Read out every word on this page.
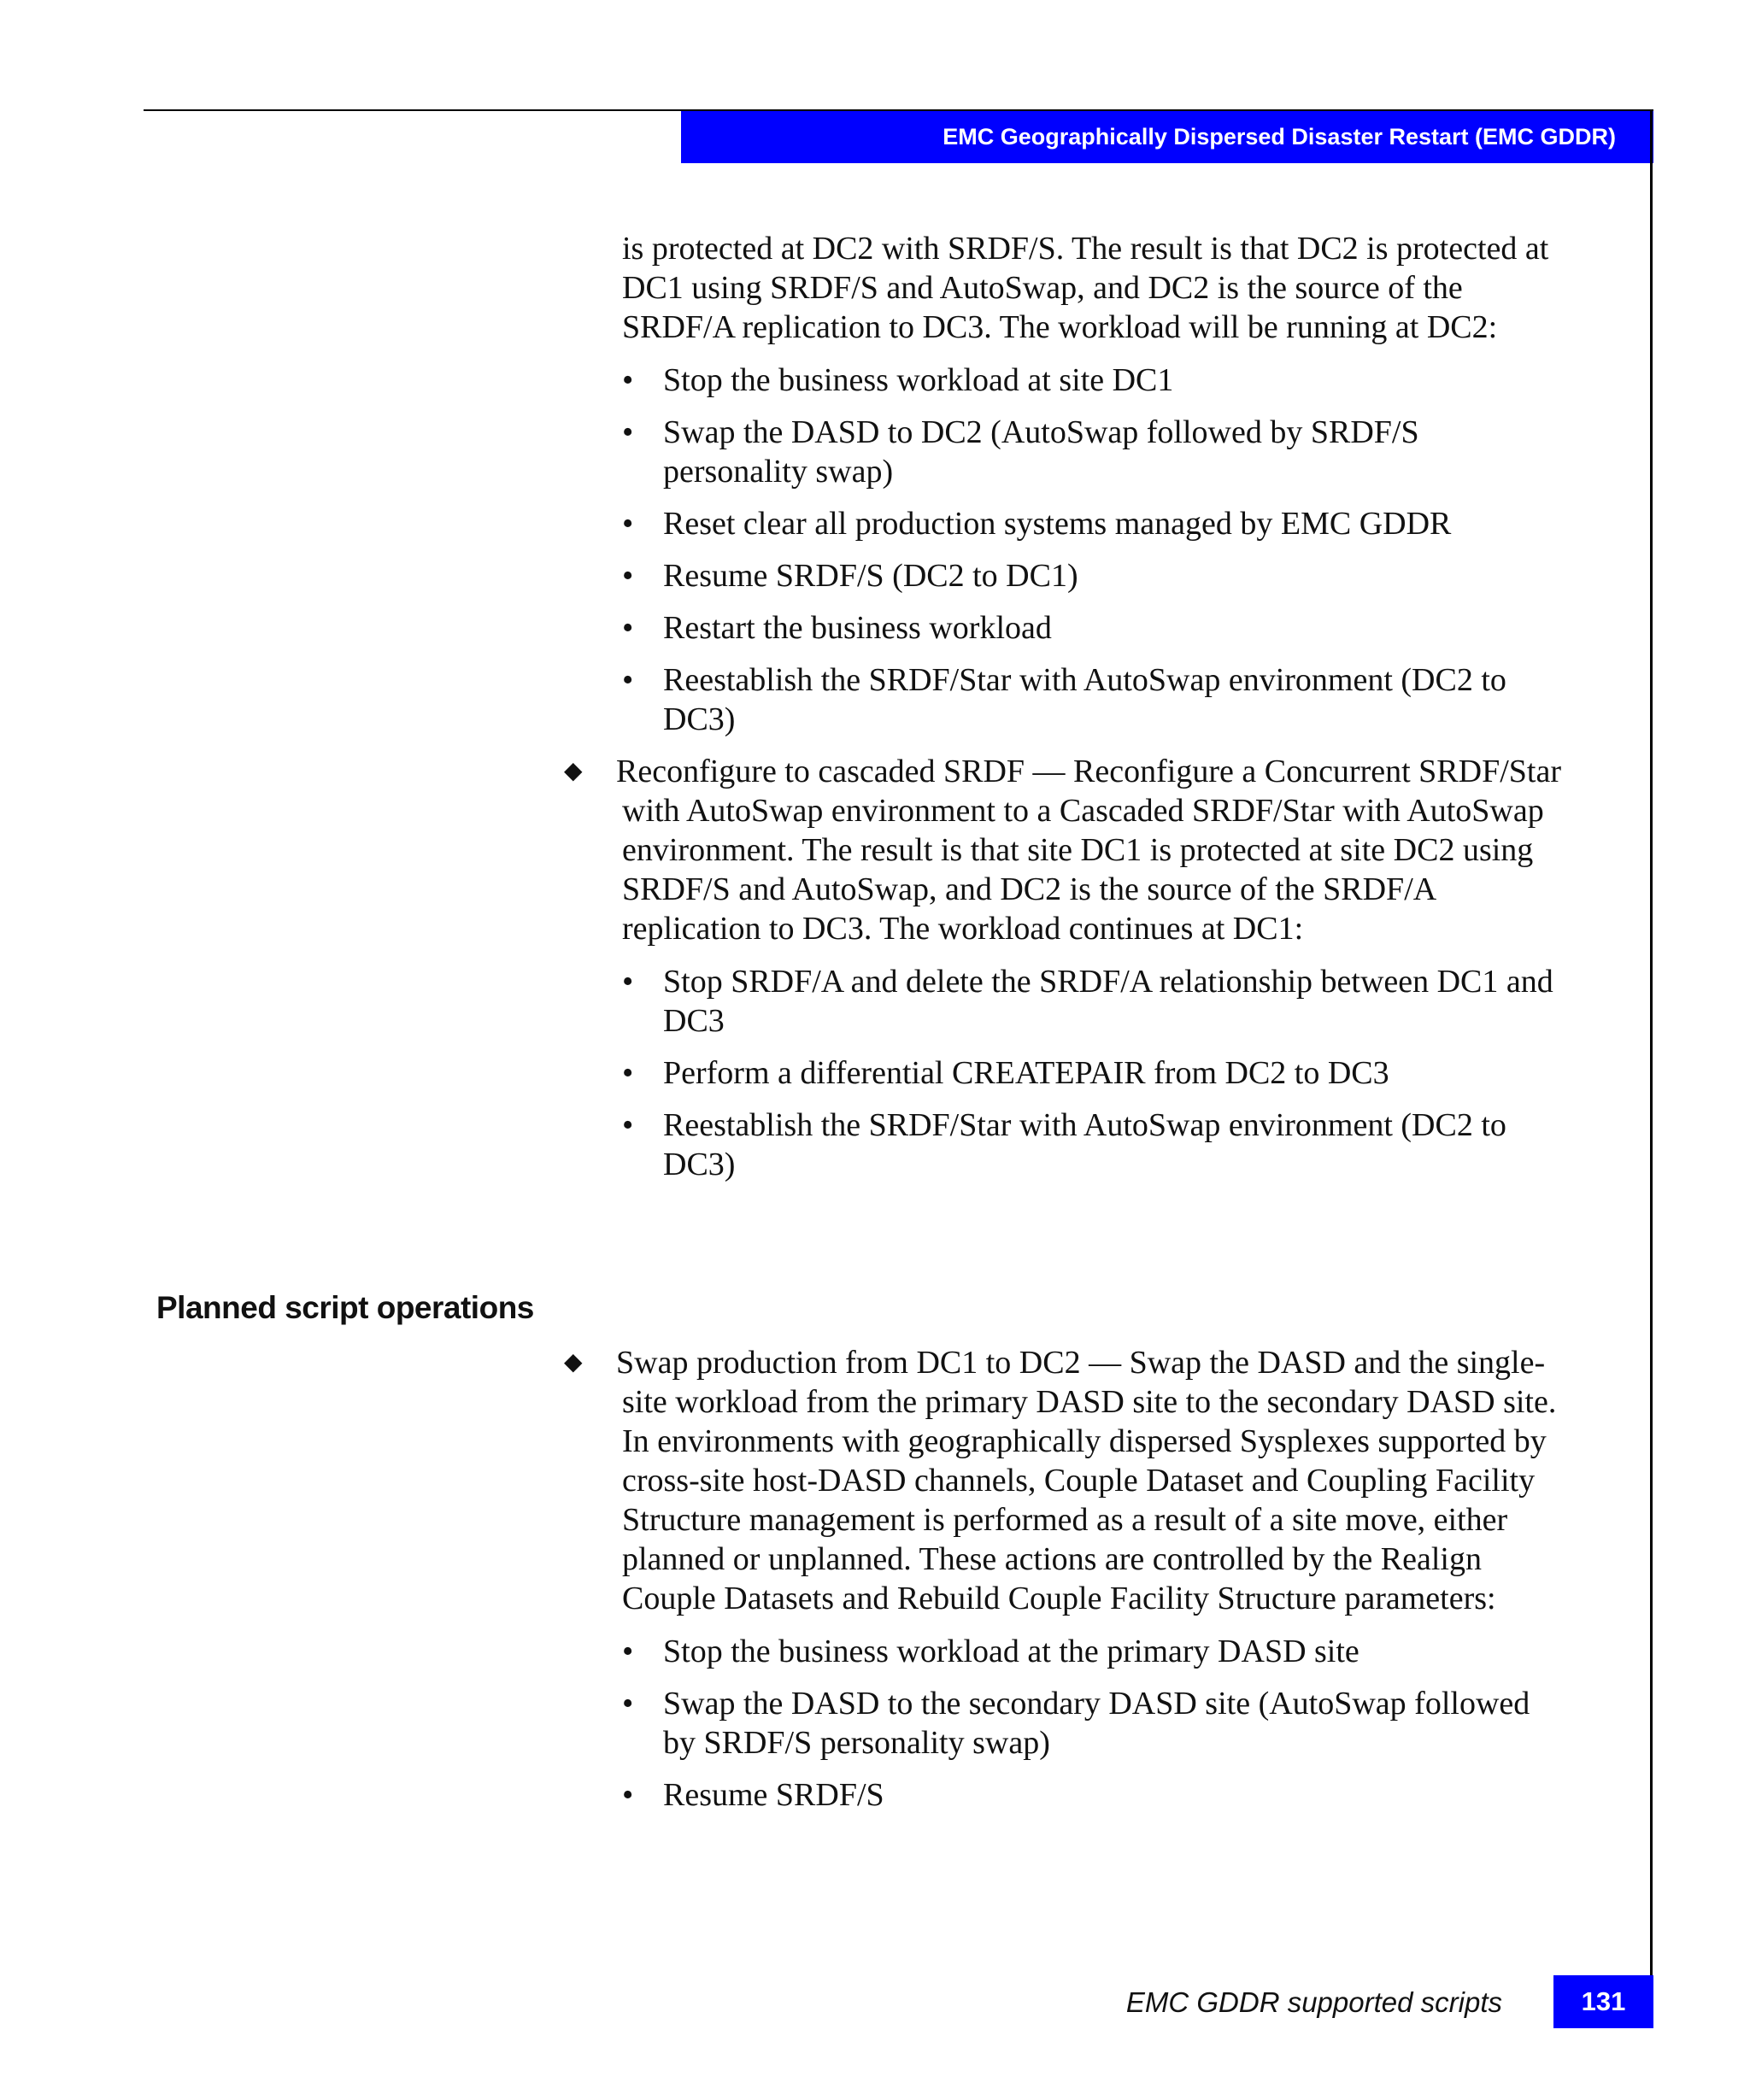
EMC Geographically Dispersed Disaster Restart (EMC GDDR)

is protected at DC2 with SRDF/S. The result is that DC2 is protected at DC1 using SRDF/S and AutoSwap, and DC2 is the source of the SRDF/A replication to DC3. The workload will be running at DC2:

• Stop the business workload at site DC1
• Swap the DASD to DC2 (AutoSwap followed by SRDF/S personality swap)
• Reset clear all production systems managed by EMC GDDR
• Resume SRDF/S (DC2 to DC1)
• Restart the business workload
• Reestablish the SRDF/Star with AutoSwap environment (DC2 to DC3)
◆ Reconfigure to cascaded SRDF — Reconfigure a Concurrent SRDF/Star with AutoSwap environment to a Cascaded SRDF/Star with AutoSwap environment. The result is that site DC1 is protected at site DC2 using SRDF/S and AutoSwap, and DC2 is the source of the SRDF/A replication to DC3. The workload continues at DC1:

• Stop SRDF/A and delete the SRDF/A relationship between DC1 and DC3
• Perform a differential CREATEPAIR from DC2 to DC3
• Reestablish the SRDF/Star with AutoSwap environment (DC2 to DC3)
Planned script operations
◆ Swap production from DC1 to DC2 — Swap the DASD and the single-site workload from the primary DASD site to the secondary DASD site. In environments with geographically dispersed Sysplexes supported by cross-site host-DASD channels, Couple Dataset and Coupling Facility Structure management is performed as a result of a site move, either planned or unplanned. These actions are controlled by the Realign Couple Datasets and Rebuild Couple Facility Structure parameters:

• Stop the business workload at the primary DASD site
• Swap the DASD to the secondary DASD site (AutoSwap followed by SRDF/S personality swap)
• Resume SRDF/S
EMC GDDR supported scripts	131
